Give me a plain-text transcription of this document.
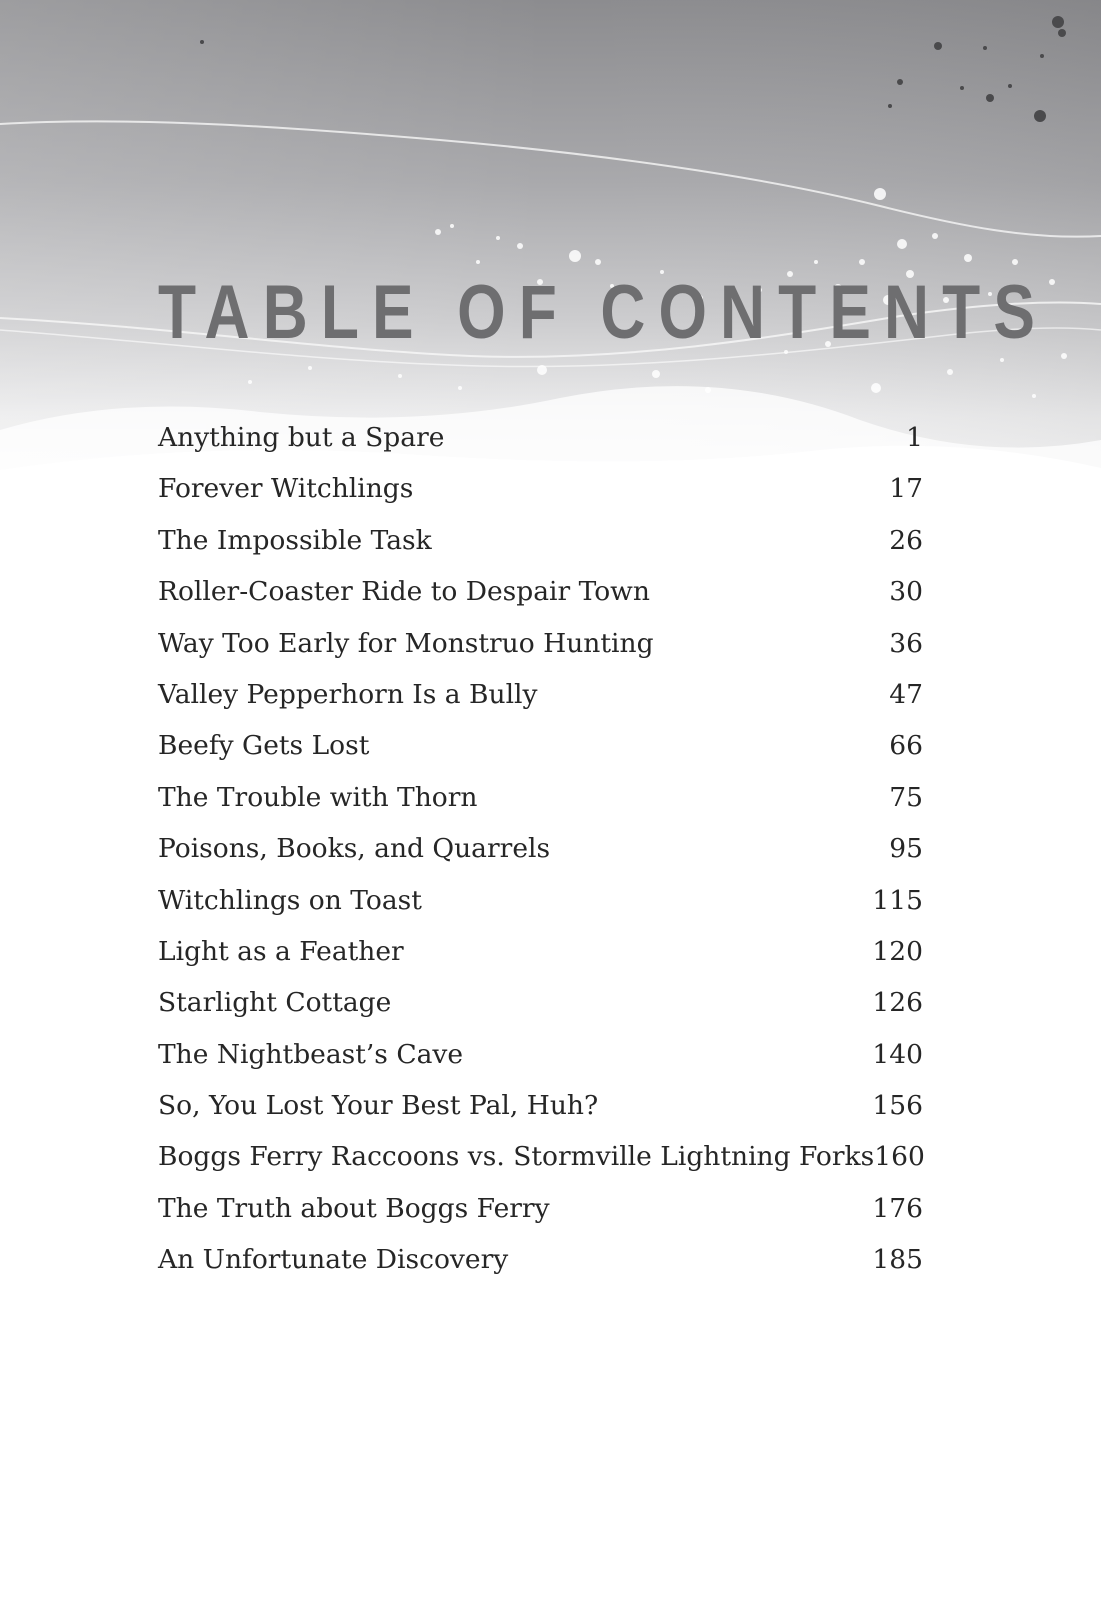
TABLE OF CONTENTS
Anything but a Spare	1
Forever Witchlings	17
The Impossible Task	26
Roller-Coaster Ride to Despair Town	30
Way Too Early for Monstruo Hunting	36
Valley Pepperhorn Is a Bully	47
Beefy Gets Lost	66
The Trouble with Thorn	75
Poisons, Books, and Quarrels	95
Witchlings on Toast	115
Light as a Feather	120
Starlight Cottage	126
The Nightbeast’s Cave	140
So, You Lost Your Best Pal, Huh?	156
Boggs Ferry Raccoons vs. Stormville Lightning Forks 160
The Truth about Boggs Ferry	176
An Unfortunate Discovery	185
